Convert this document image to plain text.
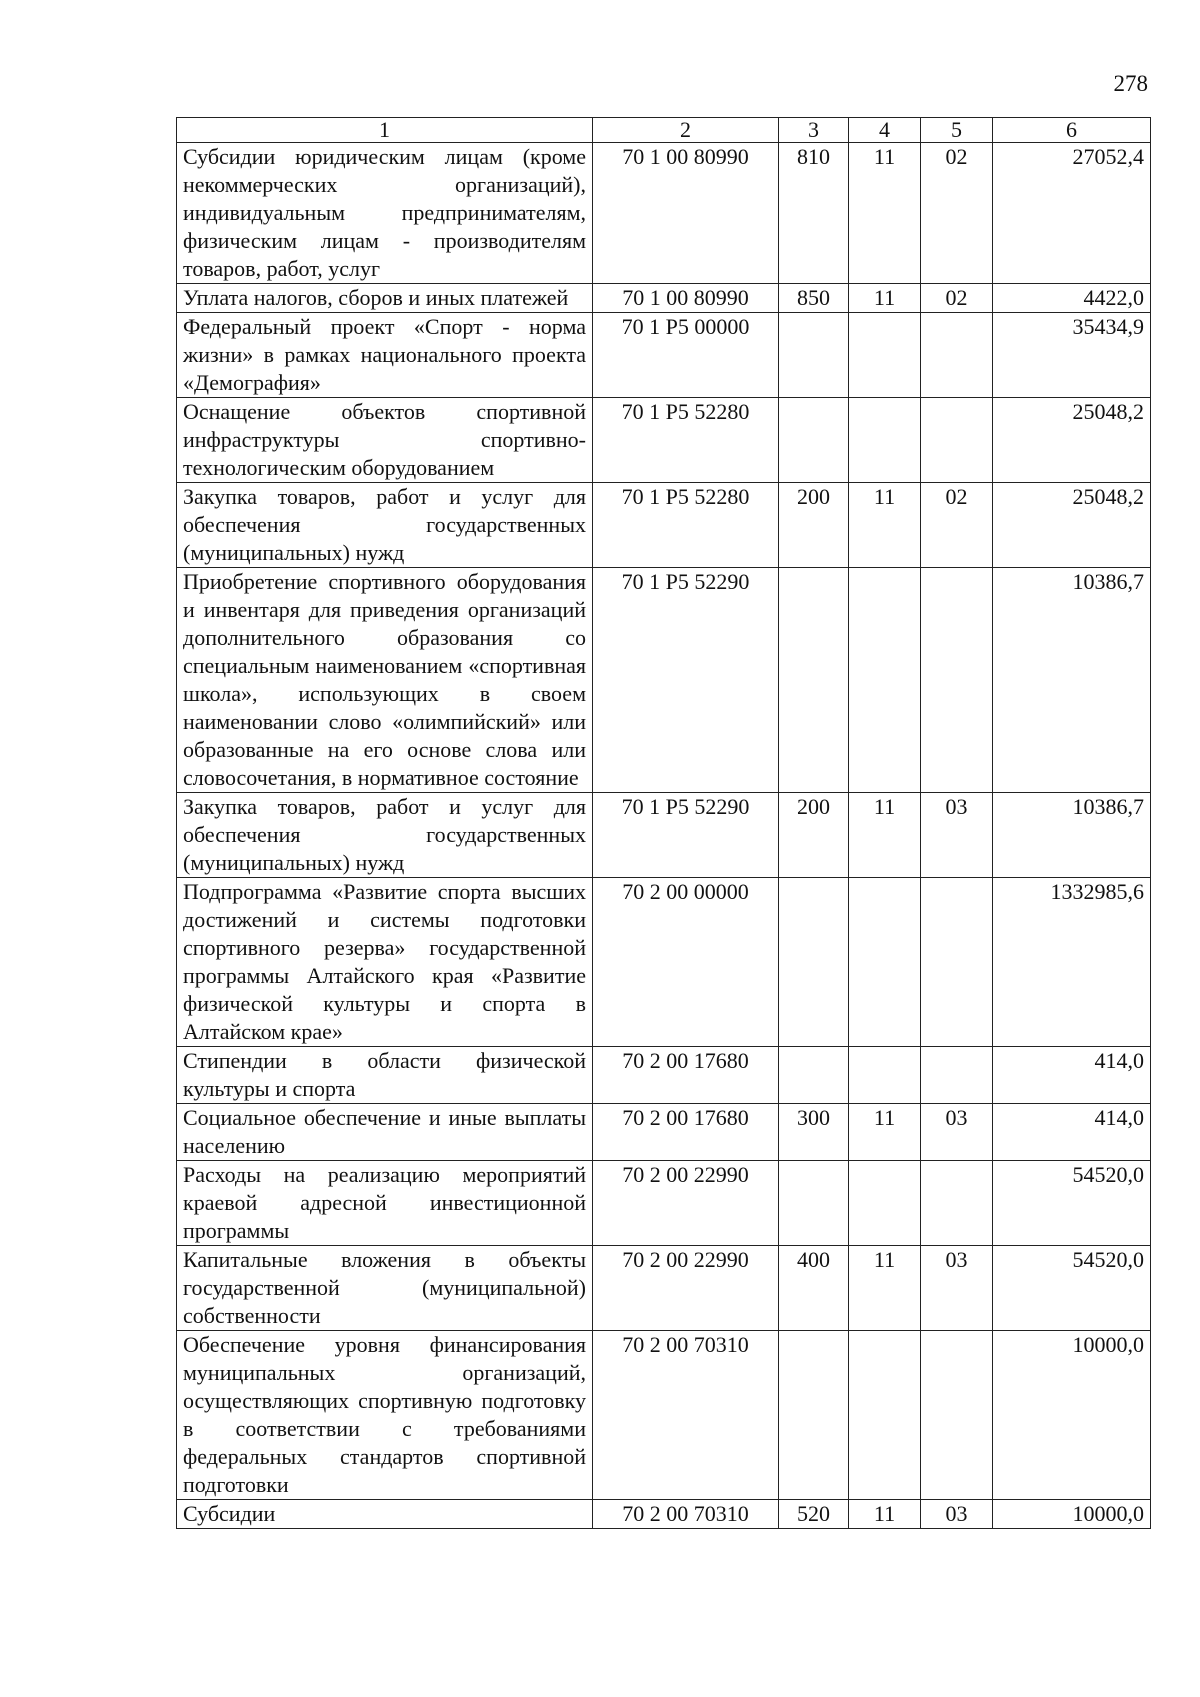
278
1	2	3	4	5	6
Субсидии юридическим лицам (кроме некоммерческих организаций), индивидуальным предпринимателям, физическим лицам - производителям товаров, работ, услуг	70 1 00 80990	810	11	02	27052,4
Уплата налогов, сборов и иных платежей	70 1 00 80990	850	11	02	4422,0
Федеральный проект «Спорт - норма жизни» в рамках национального проекта «Демография»	70 1 Р5 00000				35434,9
Оснащение объектов спортивной инфраструктуры спортивно-технологическим оборудованием	70 1 Р5 52280				25048,2
Закупка товаров, работ и услуг для обеспечения государственных (муниципальных) нужд	70 1 Р5 52280	200	11	02	25048,2
Приобретение спортивного оборудования и инвентаря для приведения организаций дополнительного образования со специальным наименованием «спортивная школа», использующих в своем наименовании слово «олимпийский» или образованные на его основе слова или словосочетания, в нормативное состояние	70 1 Р5 52290				10386,7
Закупка товаров, работ и услуг для обеспечения государственных (муниципальных) нужд	70 1 Р5 52290	200	11	03	10386,7
Подпрограмма «Развитие спорта высших достижений и системы подготовки спортивного резерва» государственной программы Алтайского края «Развитие физической культуры и спорта в Алтайском крае»	70 2 00 00000				1332985,6
Стипендии в области физической культуры и спорта	70 2 00 17680				414,0
Социальное обеспечение и иные выплаты населению	70 2 00 17680	300	11	03	414,0
Расходы на реализацию мероприятий краевой адресной инвестиционной программы	70 2 00 22990				54520,0
Капитальные вложения в объекты государственной (муниципальной) собственности	70 2 00 22990	400	11	03	54520,0
Обеспечение уровня финансирования муниципальных организаций, осуществляющих спортивную подготовку в соответствии с требованиями федеральных стандартов спортивной подготовки	70 2 00 70310				10000,0
Субсидии	70 2 00 70310	520	11	03	10000,0
